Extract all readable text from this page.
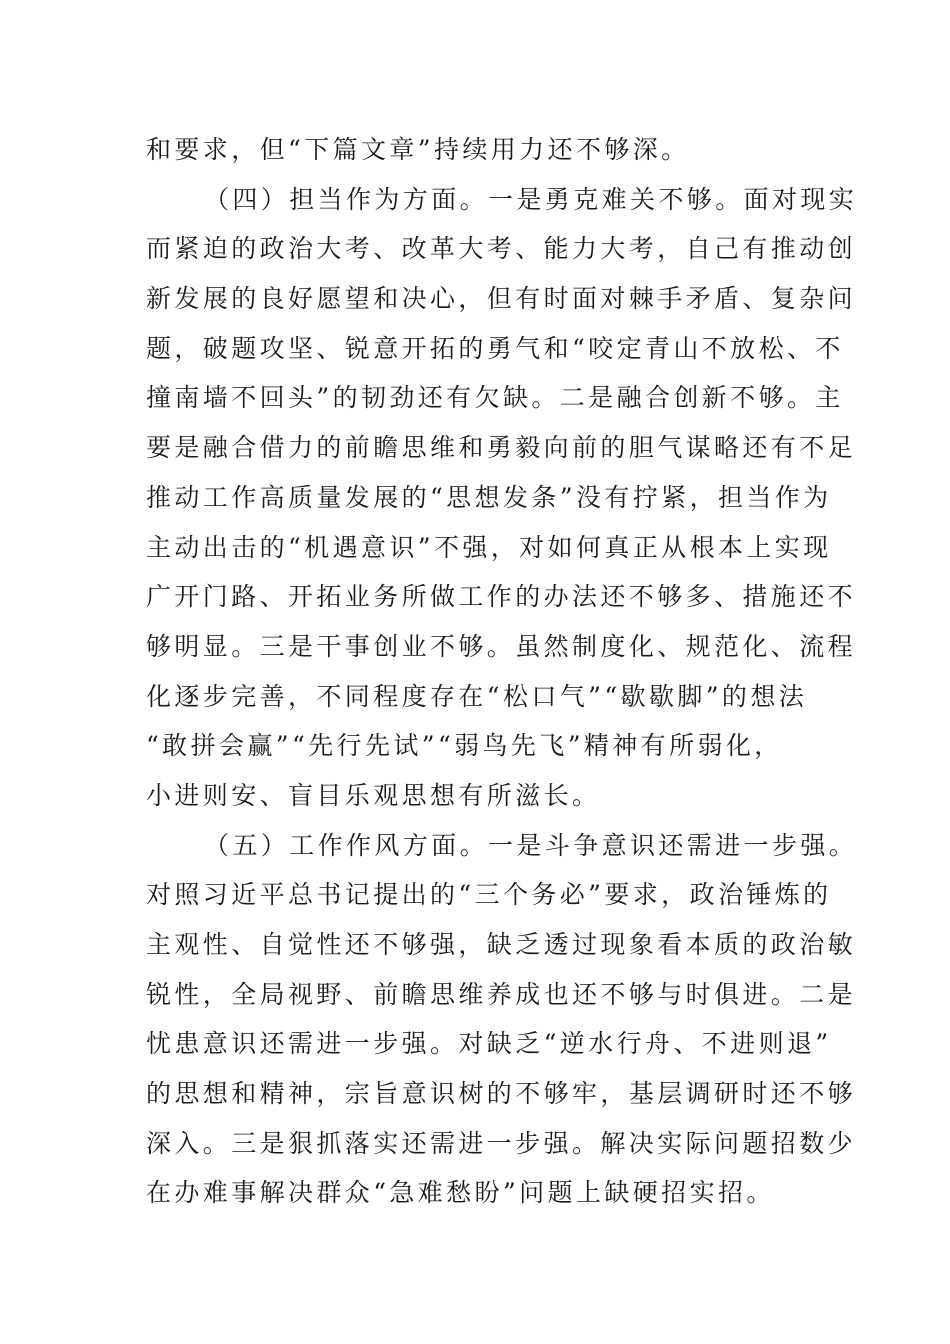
和要求，但“下篇文章”持续用力还不够深。
（四）担当作为方面。一是勇克难关不够。面对现实
而紧迫的政治大考、改革大考、能力大考，自己有推动创
新发展的良好愿望和决心，但有时面对棘手矛盾、复杂问
题，破题攻坚、锐意开拓的勇气和“咬定青山不放松、不
撞南墙不回头”的韧劲还有欠缺。二是融合创新不够。主
要是融合借力的前瞻思维和勇毅向前的胆气谋略还有不足
推动工作高质量发展的“思想发条”没有拧紧，担当作为
主动出击的“机遇意识”不强，对如何真正从根本上实现
广开门路、开拓业务所做工作的办法还不够多、措施还不
够明显。三是干事创业不够。虽然制度化、规范化、流程
化逐步完善，不同程度存在“松口气”“歇歇脚”的想法
“敢拼会赢”“先行先试”“弱鸟先飞”精神有所弱化，
小进则安、盲目乐观思想有所滋长。
（五）工作作风方面。一是斗争意识还需进一步强。
对照习近平总书记提出的“三个务必”要求，政治锤炼的
主观性、自觉性还不够强，缺乏透过现象看本质的政治敏
锐性，全局视野、前瞻思维养成也还不够与时俱进。二是
忧患意识还需进一步强。对缺乏“逆水行舟、不进则退”
的思想和精神，宗旨意识树的不够牢，基层调研时还不够
深入。三是狠抓落实还需进一步强。解决实际问题招数少
在办难事解决群众“急难愁盼”问题上缺硬招实招。
